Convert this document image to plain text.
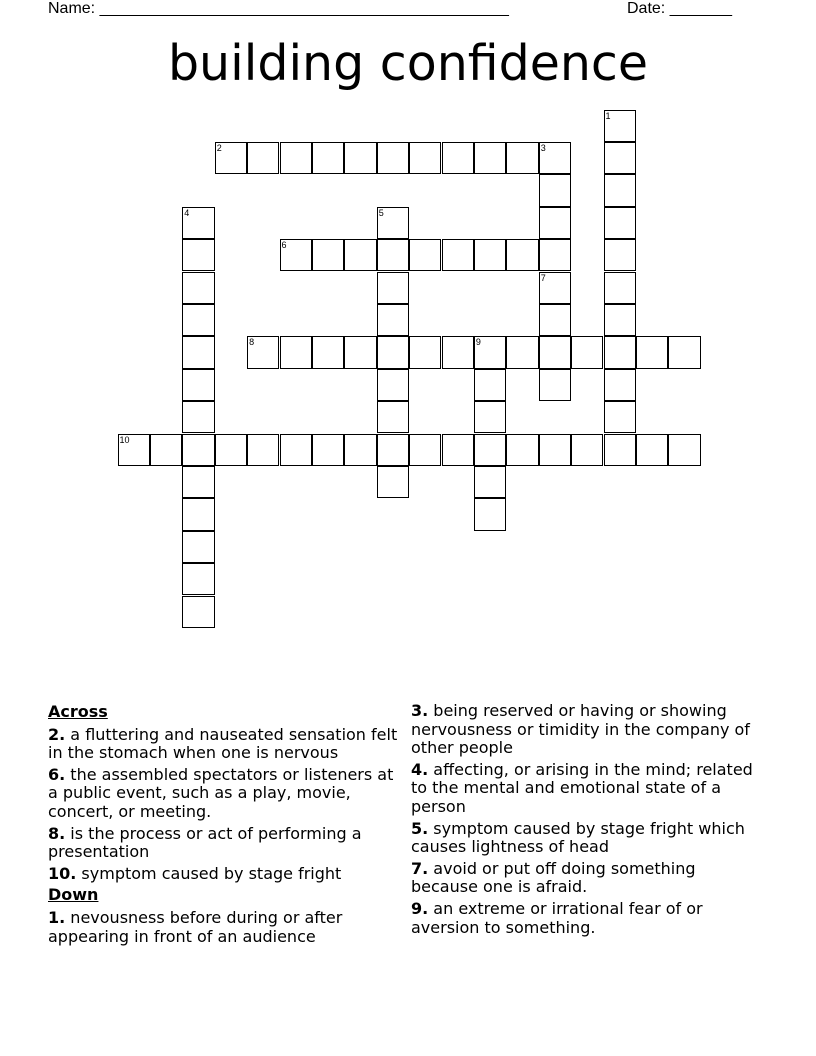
Name: ______________________________________________	Date: _______
building confidence
1
2	3
4	5
6
7
8	9
10
Across
2. a fluttering and nauseated sensation felt in the stomach when one is nervous
6. the assembled spectators or listeners at a public event, such as a play, movie, concert, or meeting.
8. is the process or act of performing a presentation
10. symptom caused by stage fright
Down
1. nevousness before during or after appearing in front of an audience
3. being reserved or having or showing nervousness or timidity in the company of other people
4. affecting, or arising in the mind; related to the mental and emotional state of a person
5. symptom caused by stage fright which causes lightness of head
7. avoid or put off doing something because one is afraid.
9. an extreme or irrational fear of or aversion to something.
